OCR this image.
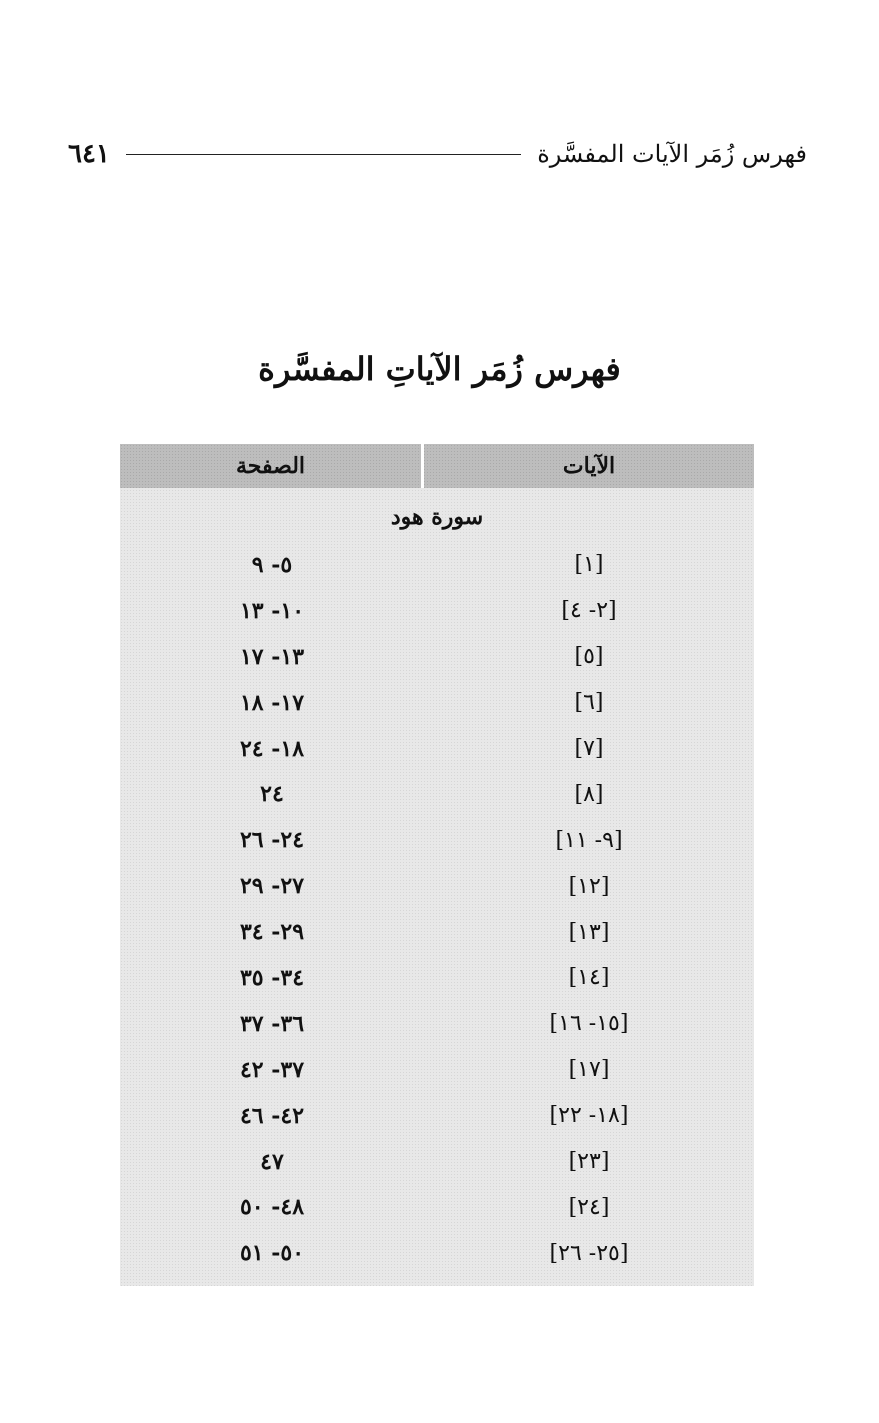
فهرس زُمَر الآيات المفسَّرة
٦٤١
فهرس زُمَر الآياتِ المفسَّرة
الآيات
الصفحة
سورة هود
[١]
٥- ٩
[٢- ٤]
١٠- ١٣
[٥]
١٣- ١٧
[٦]
١٧- ١٨
[٧]
١٨- ٢٤
[٨]
٢٤
[٩- ١١]
٢٤- ٢٦
[١٢]
٢٧- ٢٩
[١٣]
٢٩- ٣٤
[١٤]
٣٤- ٣٥
[١٥- ١٦]
٣٦- ٣٧
[١٧]
٣٧- ٤٢
[١٨- ٢٢]
٤٢- ٤٦
[٢٣]
٤٧
[٢٤]
٤٨- ٥٠
[٢٥- ٢٦]
٥٠- ٥١
